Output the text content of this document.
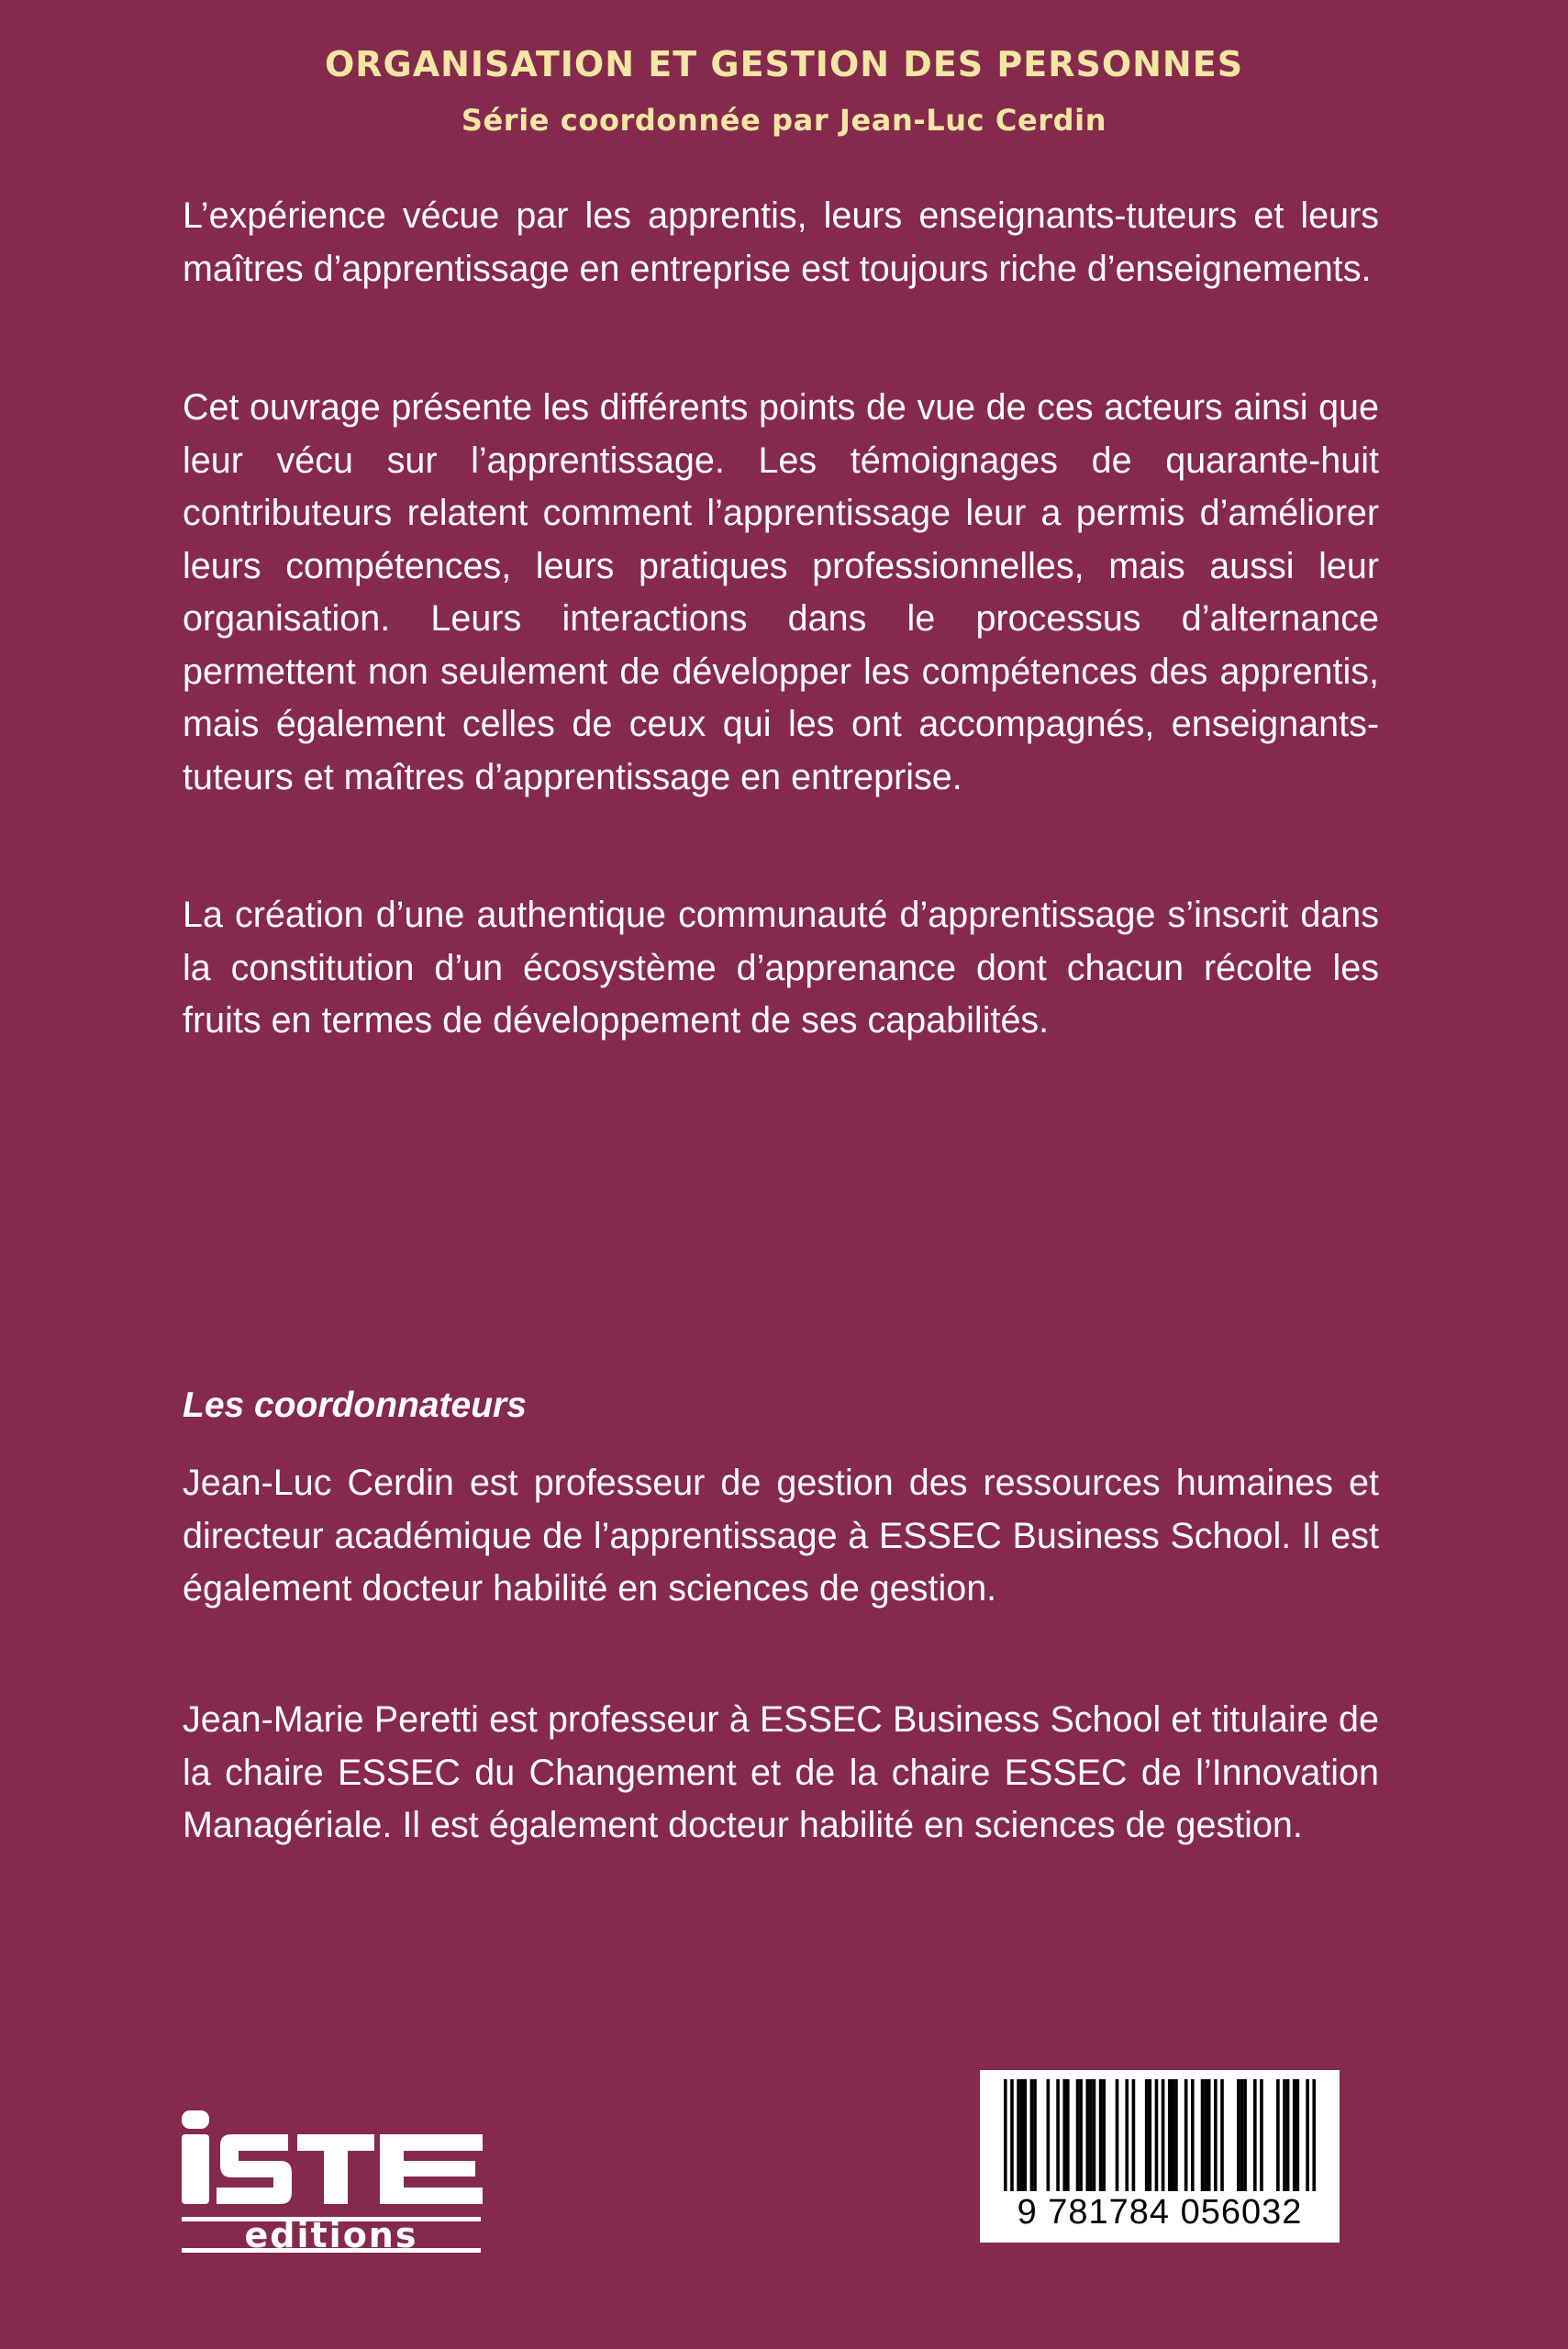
ORGANISATION ET GESTION DES PERSONNES
Série coordonnée par Jean-Luc Cerdin

L’expérience vécue par les apprentis, leurs enseignants-tuteurs et leurs maîtres d’apprentissage en entreprise est toujours riche d’enseignements.

Cet ouvrage présente les différents points de vue de ces acteurs ainsi que leur vécu sur l’apprentissage. Les témoignages de quarante-huit contributeurs relatent comment l’apprentissage leur a permis d’améliorer leurs compétences, leurs pratiques professionnelles, mais aussi leur organisation. Leurs interactions dans le processus d’alternance permettent non seulement de développer les compétences des apprentis, mais également celles de ceux qui les ont accompagnés, enseignants-tuteurs et maîtres d’apprentissage en entreprise.

La création d’une authentique communauté d’apprentissage s’inscrit dans la constitution d’un écosystème d’apprenance dont chacun récolte les fruits en termes de développement de ses capabilités.

Les coordonnateurs

Jean-Luc Cerdin est professeur de gestion des ressources humaines et directeur académique de l’apprentissage à ESSEC Business School. Il est également docteur habilité en sciences de gestion.

Jean-Marie Peretti est professeur à ESSEC Business School et titulaire de la chaire ESSEC du Changement et de la chaire ESSEC de l’Innovation Managériale. Il est également docteur habilité en sciences de gestion.

editions
9 781784 056032
